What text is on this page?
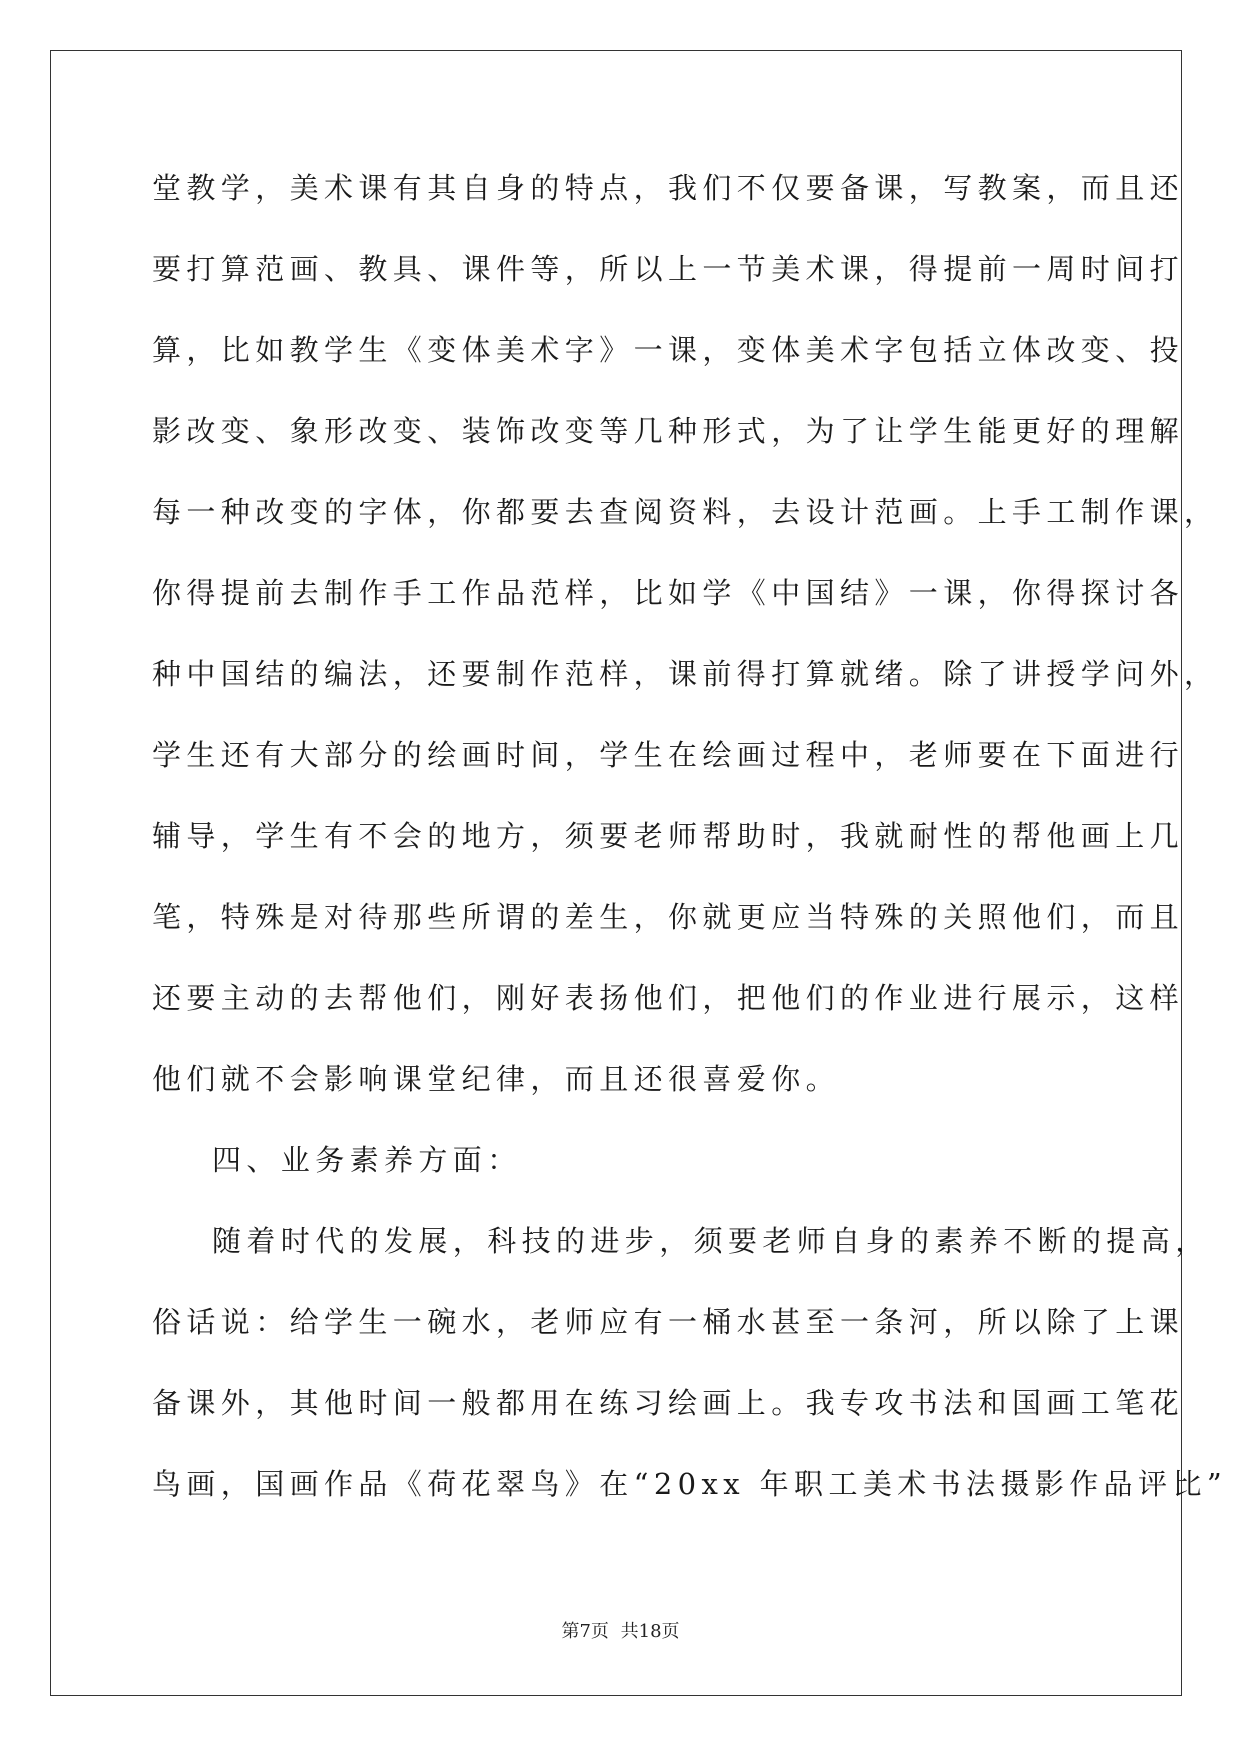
堂教学，美术课有其自身的特点，我们不仅要备课，写教案，而且还
要打算范画、教具、课件等，所以上一节美术课，得提前一周时间打
算，比如教学生《变体美术字》一课，变体美术字包括立体改变、投
影改变、象形改变、装饰改变等几种形式，为了让学生能更好的理解
每一种改变的字体，你都要去查阅资料，去设计范画。上手工制作课，
你得提前去制作手工作品范样，比如学《中国结》一课，你得探讨各
种中国结的编法，还要制作范样，课前得打算就绪。除了讲授学问外，
学生还有大部分的绘画时间，学生在绘画过程中，老师要在下面进行
辅导，学生有不会的地方，须要老师帮助时，我就耐性的帮他画上几
笔，特殊是对待那些所谓的差生，你就更应当特殊的关照他们，而且
还要主动的去帮他们，刚好表扬他们，把他们的作业进行展示，这样
他们就不会影响课堂纪律，而且还很喜爱你。
四、业务素养方面：
随着时代的发展，科技的进步，须要老师自身的素养不断的提高，
俗话说：给学生一碗水，老师应有一桶水甚至一条河，所以除了上课
备课外，其他时间一般都用在练习绘画上。我专攻书法和国画工笔花
鸟画，国画作品《荷花翠鸟》在“20xx 年职工美术书法摄影作品评比”
第7页 共18页
